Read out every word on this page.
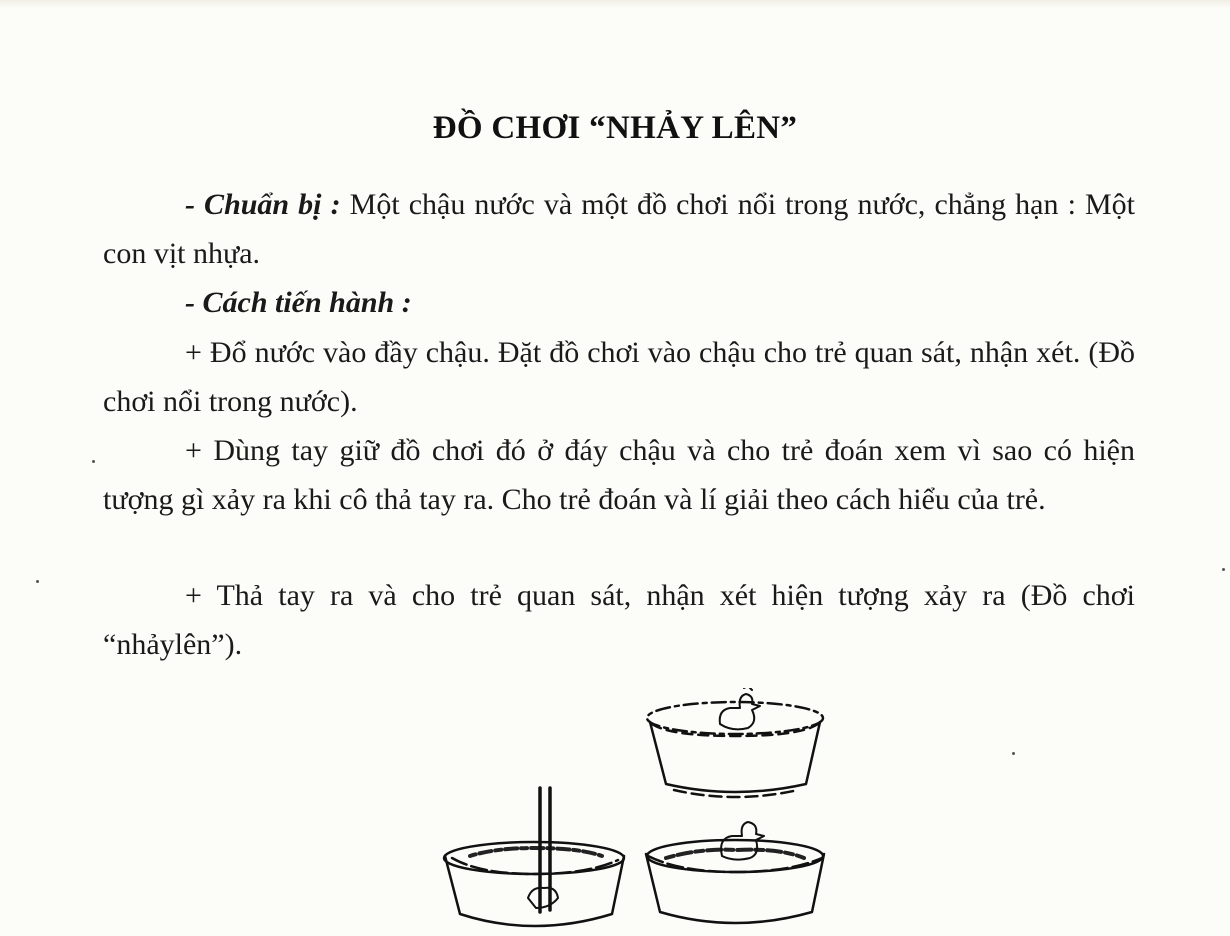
ĐỒ CHƠI “NHẢY LÊN”

- Chuẩn bị : Một chậu nước và một đồ chơi nổi trong nước, chẳng hạn : Một con vịt nhựa.

- Cách tiến hành :

+ Đổ nước vào đầy chậu. Đặt đồ chơi vào chậu cho trẻ quan sát, nhận xét. (Đồ chơi nổi trong nước).

+ Dùng tay giữ đồ chơi đó ở đáy chậu và cho trẻ đoán xem vì sao có hiện tượng gì xảy ra khi cô thả tay ra. Cho trẻ đoán và lí giải theo cách hiểu của trẻ.

+ Thả tay ra và cho trẻ quan sát, nhận xét hiện tượng xảy ra (Đồ chơi “nhảylên”).
